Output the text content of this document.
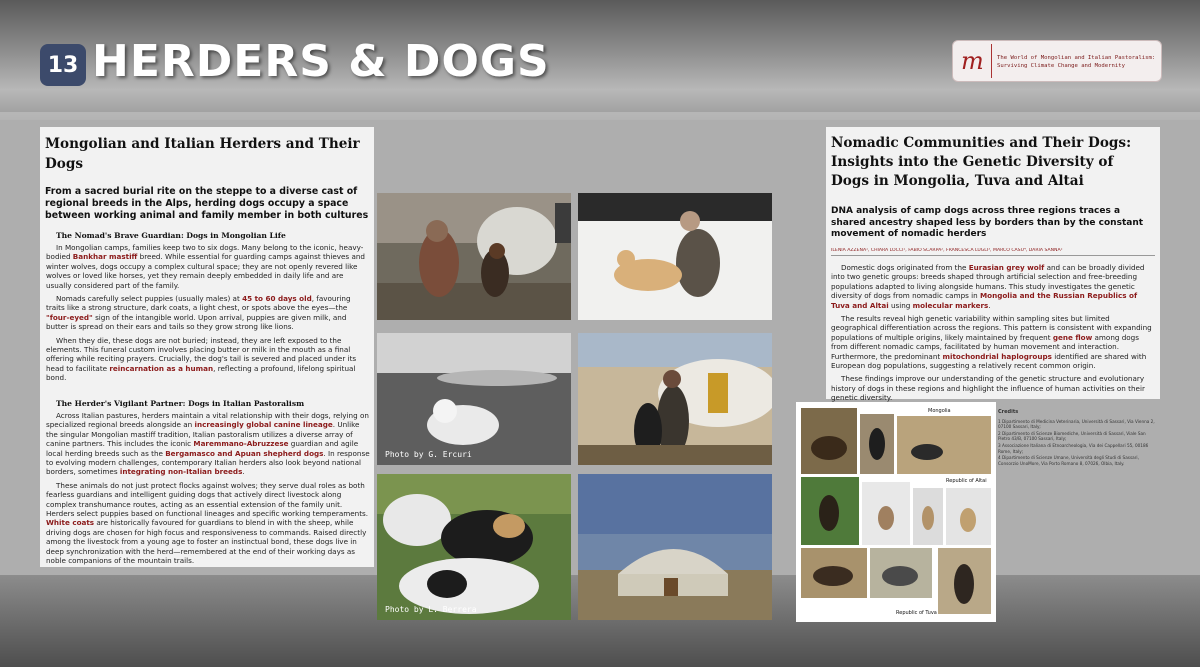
13 HERDERS & DOGS	m	The World of Mongolian and Italian Pastoralism: Surviving Climate Change and Modernity
Mongolian and Italian Herders and Their Dogs
From a sacred burial rite on the steppe to a diverse cast of regional breeds in the Alps, herding dogs occupy a space between working animal and family member in both cultures
The Nomad's Brave Guardian: Dogs in Mongolian Life

In Mongolian camps, families keep two to six dogs. Many belong to the iconic, heavy-bodied Bankhar mastiff breed. While essential for guarding camps against thieves and winter wolves, dogs occupy a complex cultural space; they are not openly revered like wolves or loved like horses, yet they remain deeply embedded in daily life and are usually considered part of the family.

Nomads carefully select puppies (usually males) at 45 to 60 days old, favouring traits like a strong structure, dark coats, a light chest, or spots above the eyes—the "four-eyed" sign of the intangible world. Upon arrival, puppies are given milk, and butter is spread on their ears and tails so they grow strong like lions.

When they die, these dogs are not buried; instead, they are left exposed to the elements. This funeral custom involves placing butter or milk in the mouth as a final offering while reciting prayers. Crucially, the dog's tail is severed and placed under its head to facilitate reincarnation as a human, reflecting a profound, lifelong spiritual bond.

The Herder's Vigilant Partner: Dogs in Italian Pastoralism

Across Italian pastures, herders maintain a vital relationship with their dogs, relying on specialized regional breeds alongside an increasingly global canine lineage. Unlike the singular Mongolian mastiff tradition, Italian pastoralism utilizes a diverse array of canine partners. This includes the iconic Maremmano-Abruzzese guardian and agile local herding breeds such as the Bergamasco and Apuan shepherd dogs. In response to evolving modern challenges, contemporary Italian herders also look beyond national borders, sometimes integrating non-Italian breeds.

These animals do not just protect flocks against wolves; they serve dual roles as both fearless guardians and intelligent guiding dogs that actively direct livestock along complex transhumance routes, acting as an essential extension of the family unit. Herders select puppies based on functional lineages and specific working temperaments. White coats are historically favoured for guardians to blend in with the sheep, while driving dogs are chosen for high focus and responsiveness to commands. Raised directly among the livestock from a young age to foster an instinctual bond, these dogs live in deep synchronization with the herd—remembered at the end of their working days as noble companions of the mountain trails.

Photo by G. Ercuri
Photo by L. Berrera
Nomadic Communities and Their Dogs: Insights into the Genetic Diversity of Dogs in Mongolia, Tuva and Altai
DNA analysis of camp dogs across three regions traces a shared ancestry shaped less by borders than by the constant movement of nomadic herders
ILENIA AZZENA¹, CHIARA LOCCI¹, FABIO SCARPA², FRANCESCA LUGLI³, MARCO CASU⁴, DARIA SANNA²

Domestic dogs originated from the Eurasian grey wolf and can be broadly divided into two genetic groups: breeds shaped through artificial selection and free-breeding populations adapted to living alongside humans. This study investigates the genetic diversity of dogs from nomadic camps in Mongolia and the Russian Republics of Tuva and Altai using molecular markers.

The results reveal high genetic variability within sampling sites but limited geographical differentiation across the regions. This pattern is consistent with expanding populations of multiple origins, likely maintained by frequent gene flow among dogs from different nomadic camps, facilitated by human movement and interaction. Furthermore, the predominant mitochondrial haplogroups identified are shared with European dog populations, suggesting a relatively recent common origin.

These findings improve our understanding of the genetic structure and evolutionary history of dogs in these regions and highlight the influence of human activities on their genetic diversity.

Mongolia
Republic of Altai
Republic of Tuva
Credits

1 Dipartimento di Medicina Veterinaria, Università di Sassari, Via Vienna 2, 07100 Sassari, Italy;

2 Dipartimento di Scienze Biomediche, Università di Sassari, Viale San Pietro 43/B, 07100 Sassari, Italy;

3 Associazione Italiana di Etnoarcheologia, Via dei Cappellari 55, 00186 Rome, Italy;

4 Dipartimento di Scienze Umane, Università degli Studi di Sassari, Consorzio UnoMore, Via Porto Romano 8, 07026, Olbia, Italy.
